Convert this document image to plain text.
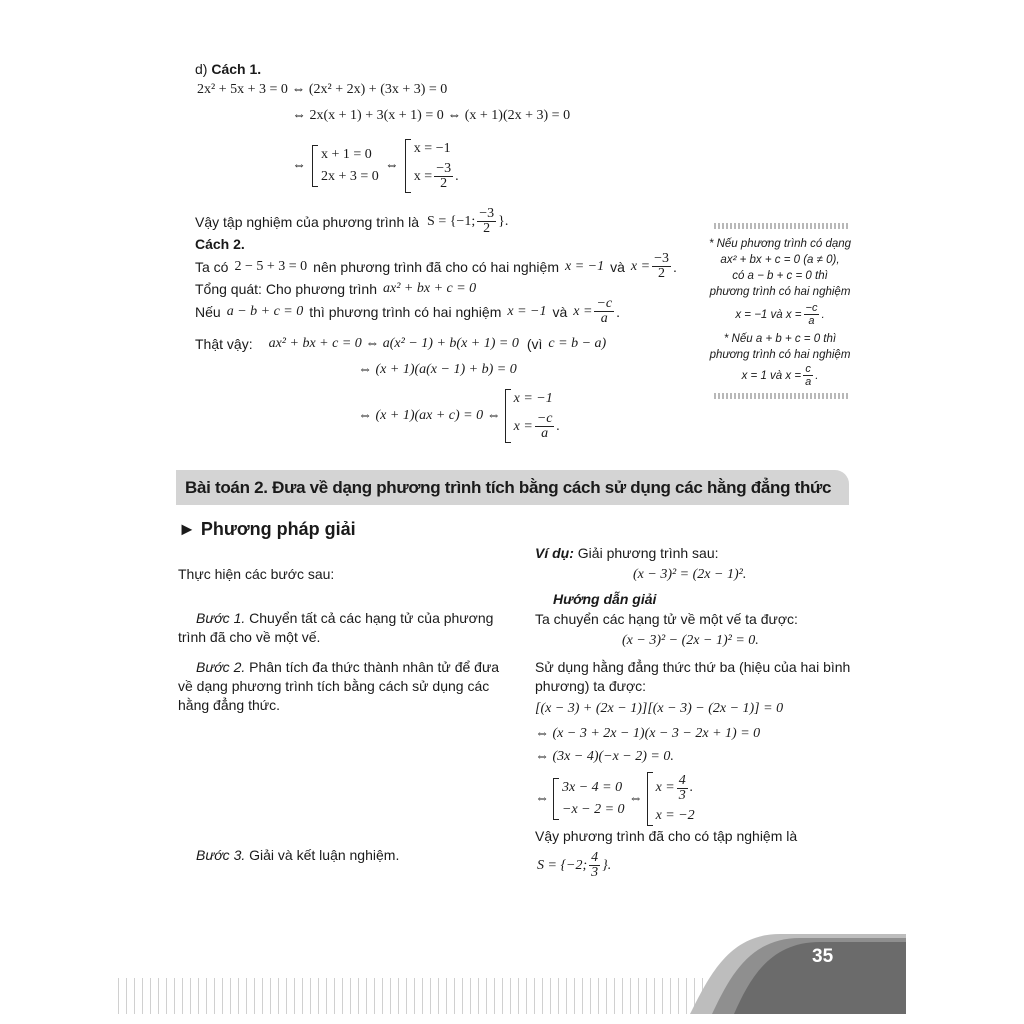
d) Cách 1.
2x² + 5x + 3 = 0 ⇔ (2x² + 2x) + (3x + 3) = 0
⇔ 2x(x + 1) + 3(x + 1) = 0 ⇔ (x + 1)(2x + 3) = 0
⇔
x + 1 = 0
2x + 3 = 0
⇔
x = −1
$x = \frac{-3}{2}$ .
Vậy tập nghiệm của phương trình là S = {−1; $\frac{-3}{2}$ }.
Cách 2.
Ta có 2 − 5 + 3 = 0 nên phương trình đã cho có hai nghiệm x = −1 và $x = \frac{-3}{2}$ .
Tổng quát: Cho phương trình ax² + bx + c = 0
Nếu a − b + c = 0 thì phương trình có hai nghiệm x = −1 và $x = \frac{-c}{a}$ .
Thật vậy: ax² + bx + c = 0 ⇔ a(x² − 1) + b(x + 1) = 0 (vì c = b − a)
⇔ (x + 1)(a(x − 1) + b) = 0
⇔ (x + 1)(ax + c) = 0 ⇔
x = −1
$x = \frac{-c}{a}$ .
* Nếu phương trình có dạng
ax² + bx + c = 0 (a ≠ 0),
có a − b + c = 0 thì
phương trình có hai nghiệm
x = −1 và $x = \frac{-c}{a}$ .
* Nếu a + b + c = 0 thì
phương trình có hai nghiệm
x = 1 và $x = \frac{c}{a}$ .
Bài toán 2. Đưa về dạng phương trình tích bằng cách sử dụng các hằng đẳng thức
► Phương pháp giải
Thực hiện các bước sau:
Bước 1. Chuyển tất cả các hạng tử của phương
trình đã cho về một vế.
Bước 2. Phân tích đa thức thành nhân tử để đưa
về dạng phương trình tích bằng cách sử dụng các
hằng đẳng thức.
Bước 3. Giải và kết luận nghiệm.
Ví dụ: Giải phương trình sau:
(x − 3)² = (2x − 1)².
Hướng dẫn giải
Ta chuyển các hạng tử về một vế ta được:
(x − 3)² − (2x − 1)² = 0.
Sử dụng hằng đẳng thức thứ ba (hiệu của hai bình
phương) ta được:
[(x − 3) + (2x − 1)][(x − 3) − (2x − 1)] = 0
⇔ (x − 3 + 2x − 1)(x − 3 − 2x + 1) = 0
⇔ (3x − 4)(−x − 2) = 0.
⇔
3x − 4 = 0
−x − 2 = 0
⇔
$x = \frac{4}{3}$ .
x = −2
Vậy phương trình đã cho có tập nghiệm là
S = {−2; $\frac{4}{3}$ }.
35
